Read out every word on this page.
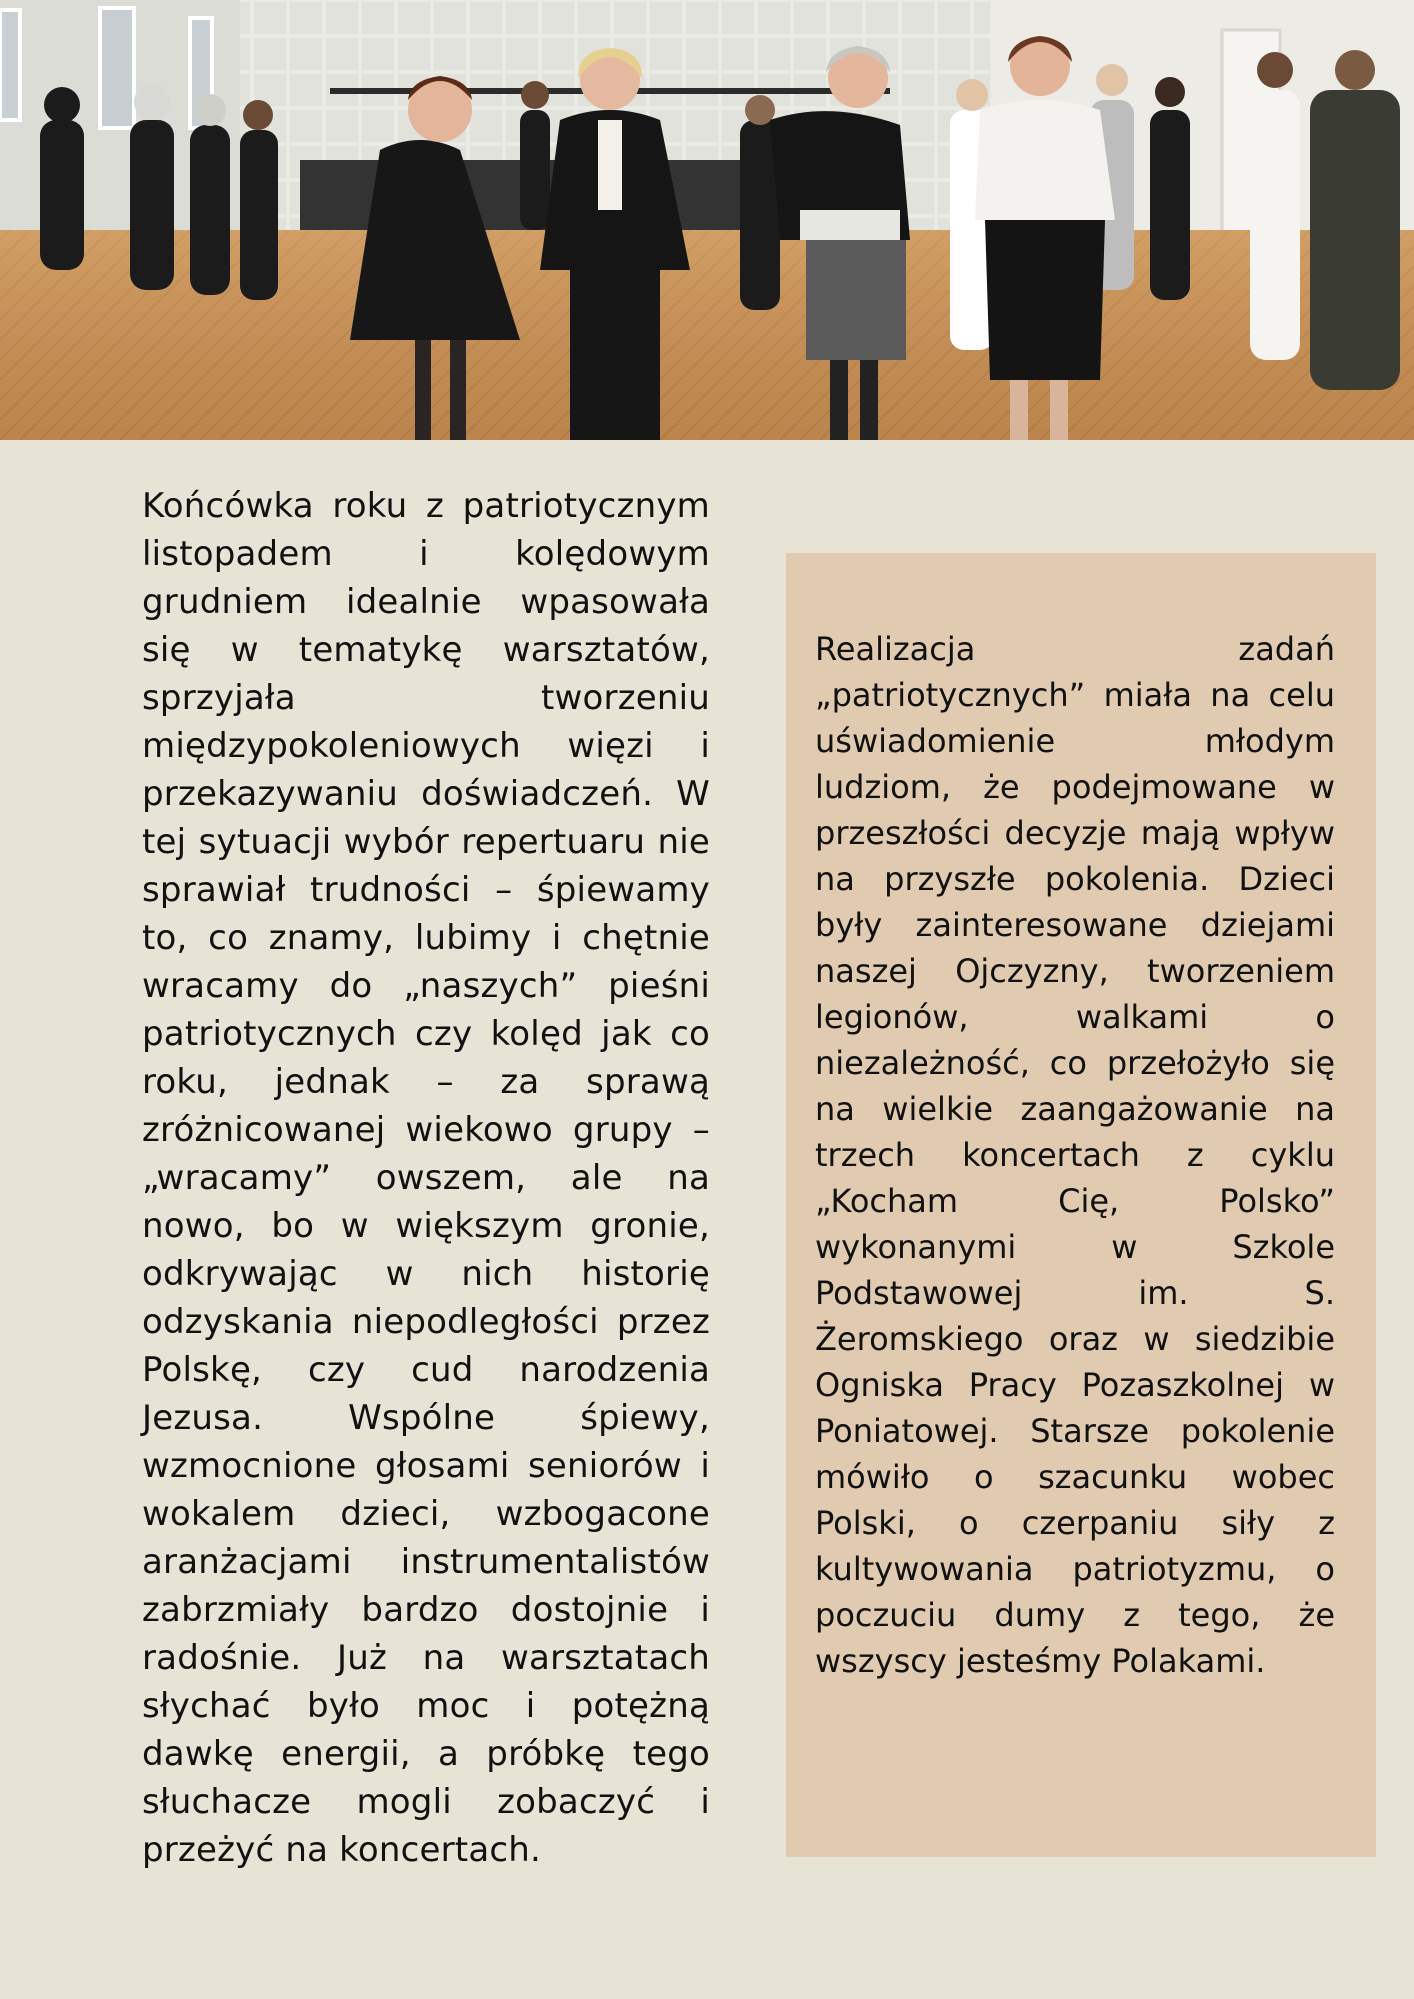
Końcówka roku z patriotycznym listopadem i kolędowym grudniem idealnie wpasowała się w tematykę warsztatów, sprzyjała tworzeniu międzypokoleniowych więzi i przekazywaniu doświadczeń. W tej sytuacji wybór repertuaru nie sprawiał trudności – śpiewamy to, co znamy, lubimy i chętnie wracamy do „naszych” pieśni patriotycznych czy kolęd jak co roku, jednak – za sprawą zróżnicowanej wiekowo grupy – „wracamy” owszem, ale na nowo, bo w większym gronie, odkrywając w nich historię odzyskania niepodległości przez Polskę, czy cud narodzenia Jezusa. Wspólne śpiewy, wzmocnione głosami seniorów i wokalem dzieci, wzbogacone aranżacjami instrumentalistów zabrzmiały bardzo dostojnie i radośnie. Już na warsztatach słychać było moc i potężną dawkę energii, a próbkę tego słuchacze mogli zobaczyć i przeżyć na koncertach.

Realizacja zadań „patriotycznych” miała na celu uświadomienie młodym ludziom, że podejmowane w przeszłości decyzje mają wpływ na przyszłe pokolenia. Dzieci były zainteresowane dziejami naszej Ojczyzny, tworzeniem legionów, walkami o niezależność, co przełożyło się na wielkie zaangażowanie na trzech koncertach z cyklu „Kocham Cię, Polsko” wykonanymi w Szkole Podstawowej im. S. Żeromskiego oraz w siedzibie Ogniska Pracy Pozaszkolnej w Poniatowej. Starsze pokolenie mówiło o szacunku wobec Polski, o czerpaniu siły z kultywowania patriotyzmu, o poczuciu dumy z tego, że wszyscy jesteśmy Polakami.
